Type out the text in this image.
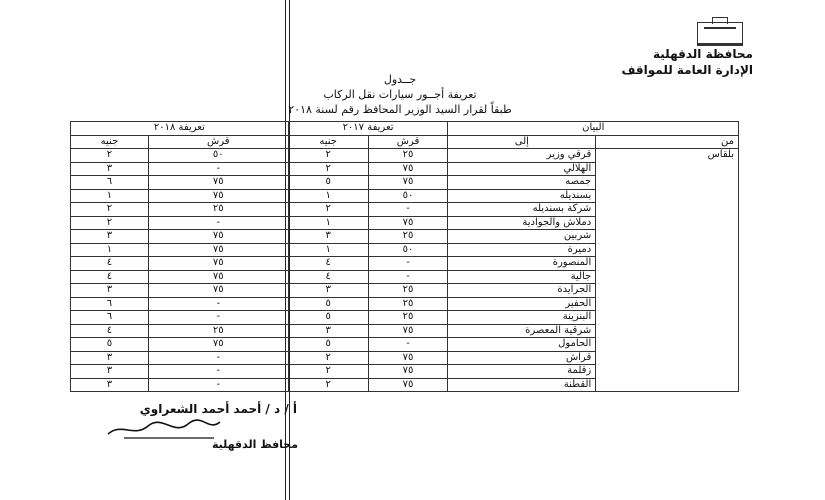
محافظة الدقهلية
الإدارة العامة للمواقف
جــدول
تعريفة أجــور سيارات نقل الركاب
طبقاً لقرار السيد الوزير المحافظ رقم لسنة ٢٠١٨
البيان		تعريفة ٢٠١٧		تعريفة ٢٠١٨	
من	إلى	قرش	جنيه	قرش	جنيه
بلقاس	قرقي وزير	٢٥	٢	٥٠	٢
	الهلالي	٧٥	٢	-	٣
	جمصه	٧٥	٥	٧٥	٦
	بسنديله	٥٠	١	٧٥	١
	شركة بسنديله	-	٢	٢٥	٢
	دملاش والجوادية	٧٥	١	-	٢
	شربين	٢٥	٣	٧٥	٣
	دميرة	٥٠	١	٧٥	١
	المنصورة	-	٤	٧٥	٤
	جالية	-	٤	٧٥	٤
	الجرايدة	٢٥	٣	٧٥	٣
	الحفير	٢٥	٥	-	٦
	البنزينة	٢٥	٥	-	٦
	شرقية المعصرة	٧٥	٣	٢٥	٤
	الحامول	-	٥	٧٥	٥
	قراش	٧٥	٢	-	٣
	زقلمة	٧٥	٢	-	٣
	القطنة	٧٥	٢	-	٣
أ / د / أحمد أحمد الشعراوي
محافظ الدقهلية
